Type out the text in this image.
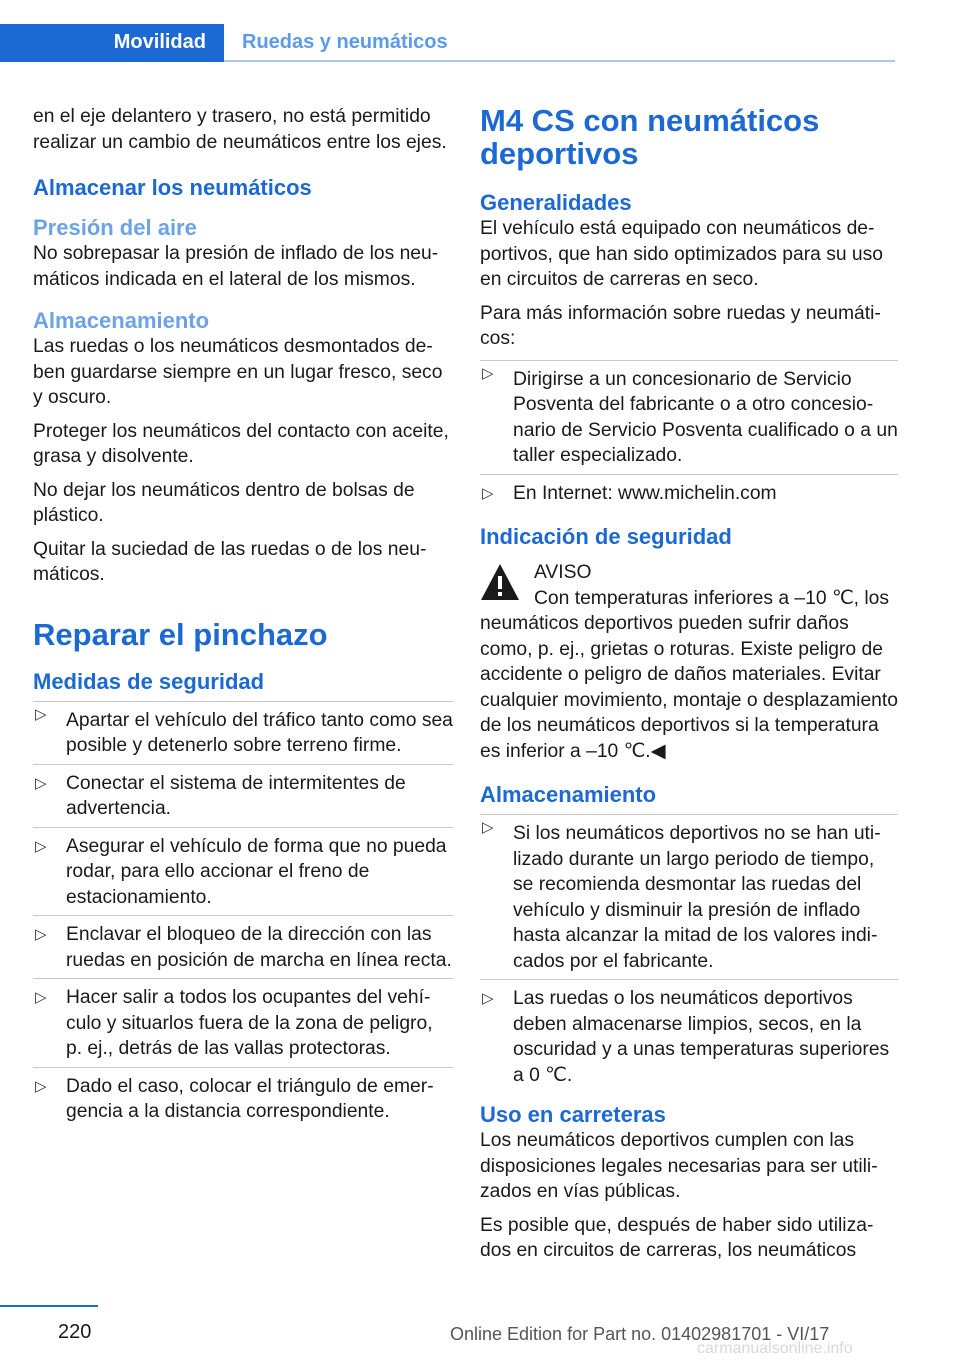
Movilidad Ruedas y neumáticos

en el eje delantero y trasero, no está permitido realizar un cambio de neumáticos entre los ejes.

Almacenar los neumáticos
Presión del aire

No sobrepasar la presión de inflado de los neumáticos indicada en el lateral de los mismos.

Almacenamiento

Las ruedas o los neumáticos desmontados deben guardarse siempre en un lugar fresco, seco y oscuro.

Proteger los neumáticos del contacto con aceite, grasa y disolvente.

No dejar los neumáticos dentro de bolsas de plástico.

Quitar la suciedad de las ruedas o de los neumáticos.

Reparar el pinchazo
Medidas de seguridad
▷ Apartar el vehículo del tráfico tanto como sea posible y detenerlo sobre terreno firme.
▷ Conectar el sistema de intermitentes de advertencia.
▷ Asegurar el vehículo de forma que no pueda rodar, para ello accionar el freno de estacionamiento.
▷ Enclavar el bloqueo de la dirección con las ruedas en posición de marcha en línea recta.
▷ Hacer salir a todos los ocupantes del vehículo y situarlos fuera de la zona de peligro, p. ej., detrás de las vallas protectoras.
▷ Dado el caso, colocar el triángulo de emergencia a la distancia correspondiente.
M4 CS con neumáticos deportivos
Generalidades

El vehículo está equipado con neumáticos deportivos, que han sido optimizados para su uso en circuitos de carreras en seco.

Para más información sobre ruedas y neumáticos:

▷ Dirigirse a un concesionario de Servicio Posventa del fabricante o a otro concesionario de Servicio Posventa cualificado o a un taller especializado.
▷ En Internet: www.michelin.com
Indicación de seguridad
AVISO

Con temperaturas inferiores a –10 ℃, los neumáticos deportivos pueden sufrir daños como, p. ej., grietas o roturas. Existe peligro de accidente o peligro de daños materiales. Evitar cualquier movimiento, montaje o desplazamiento de los neumáticos deportivos si la temperatura es inferior a –10 ℃.◀

Almacenamiento
▷ Si los neumáticos deportivos no se han utilizado durante un largo periodo de tiempo, se recomienda desmontar las ruedas del vehículo y disminuir la presión de inflado hasta alcanzar la mitad de los valores indicados por el fabricante.
▷ Las ruedas o los neumáticos deportivos deben almacenarse limpios, secos, en la oscuridad y a unas temperaturas superiores a 0 ℃.
Uso en carreteras

Los neumáticos deportivos cumplen con las disposiciones legales necesarias para ser utilizados en vías públicas.

Es posible que, después de haber sido utilizados en circuitos de carreras, los neumáticos

220	Online Edition for Part no. 01402981701 - VI/17
carmanualsonline.info
